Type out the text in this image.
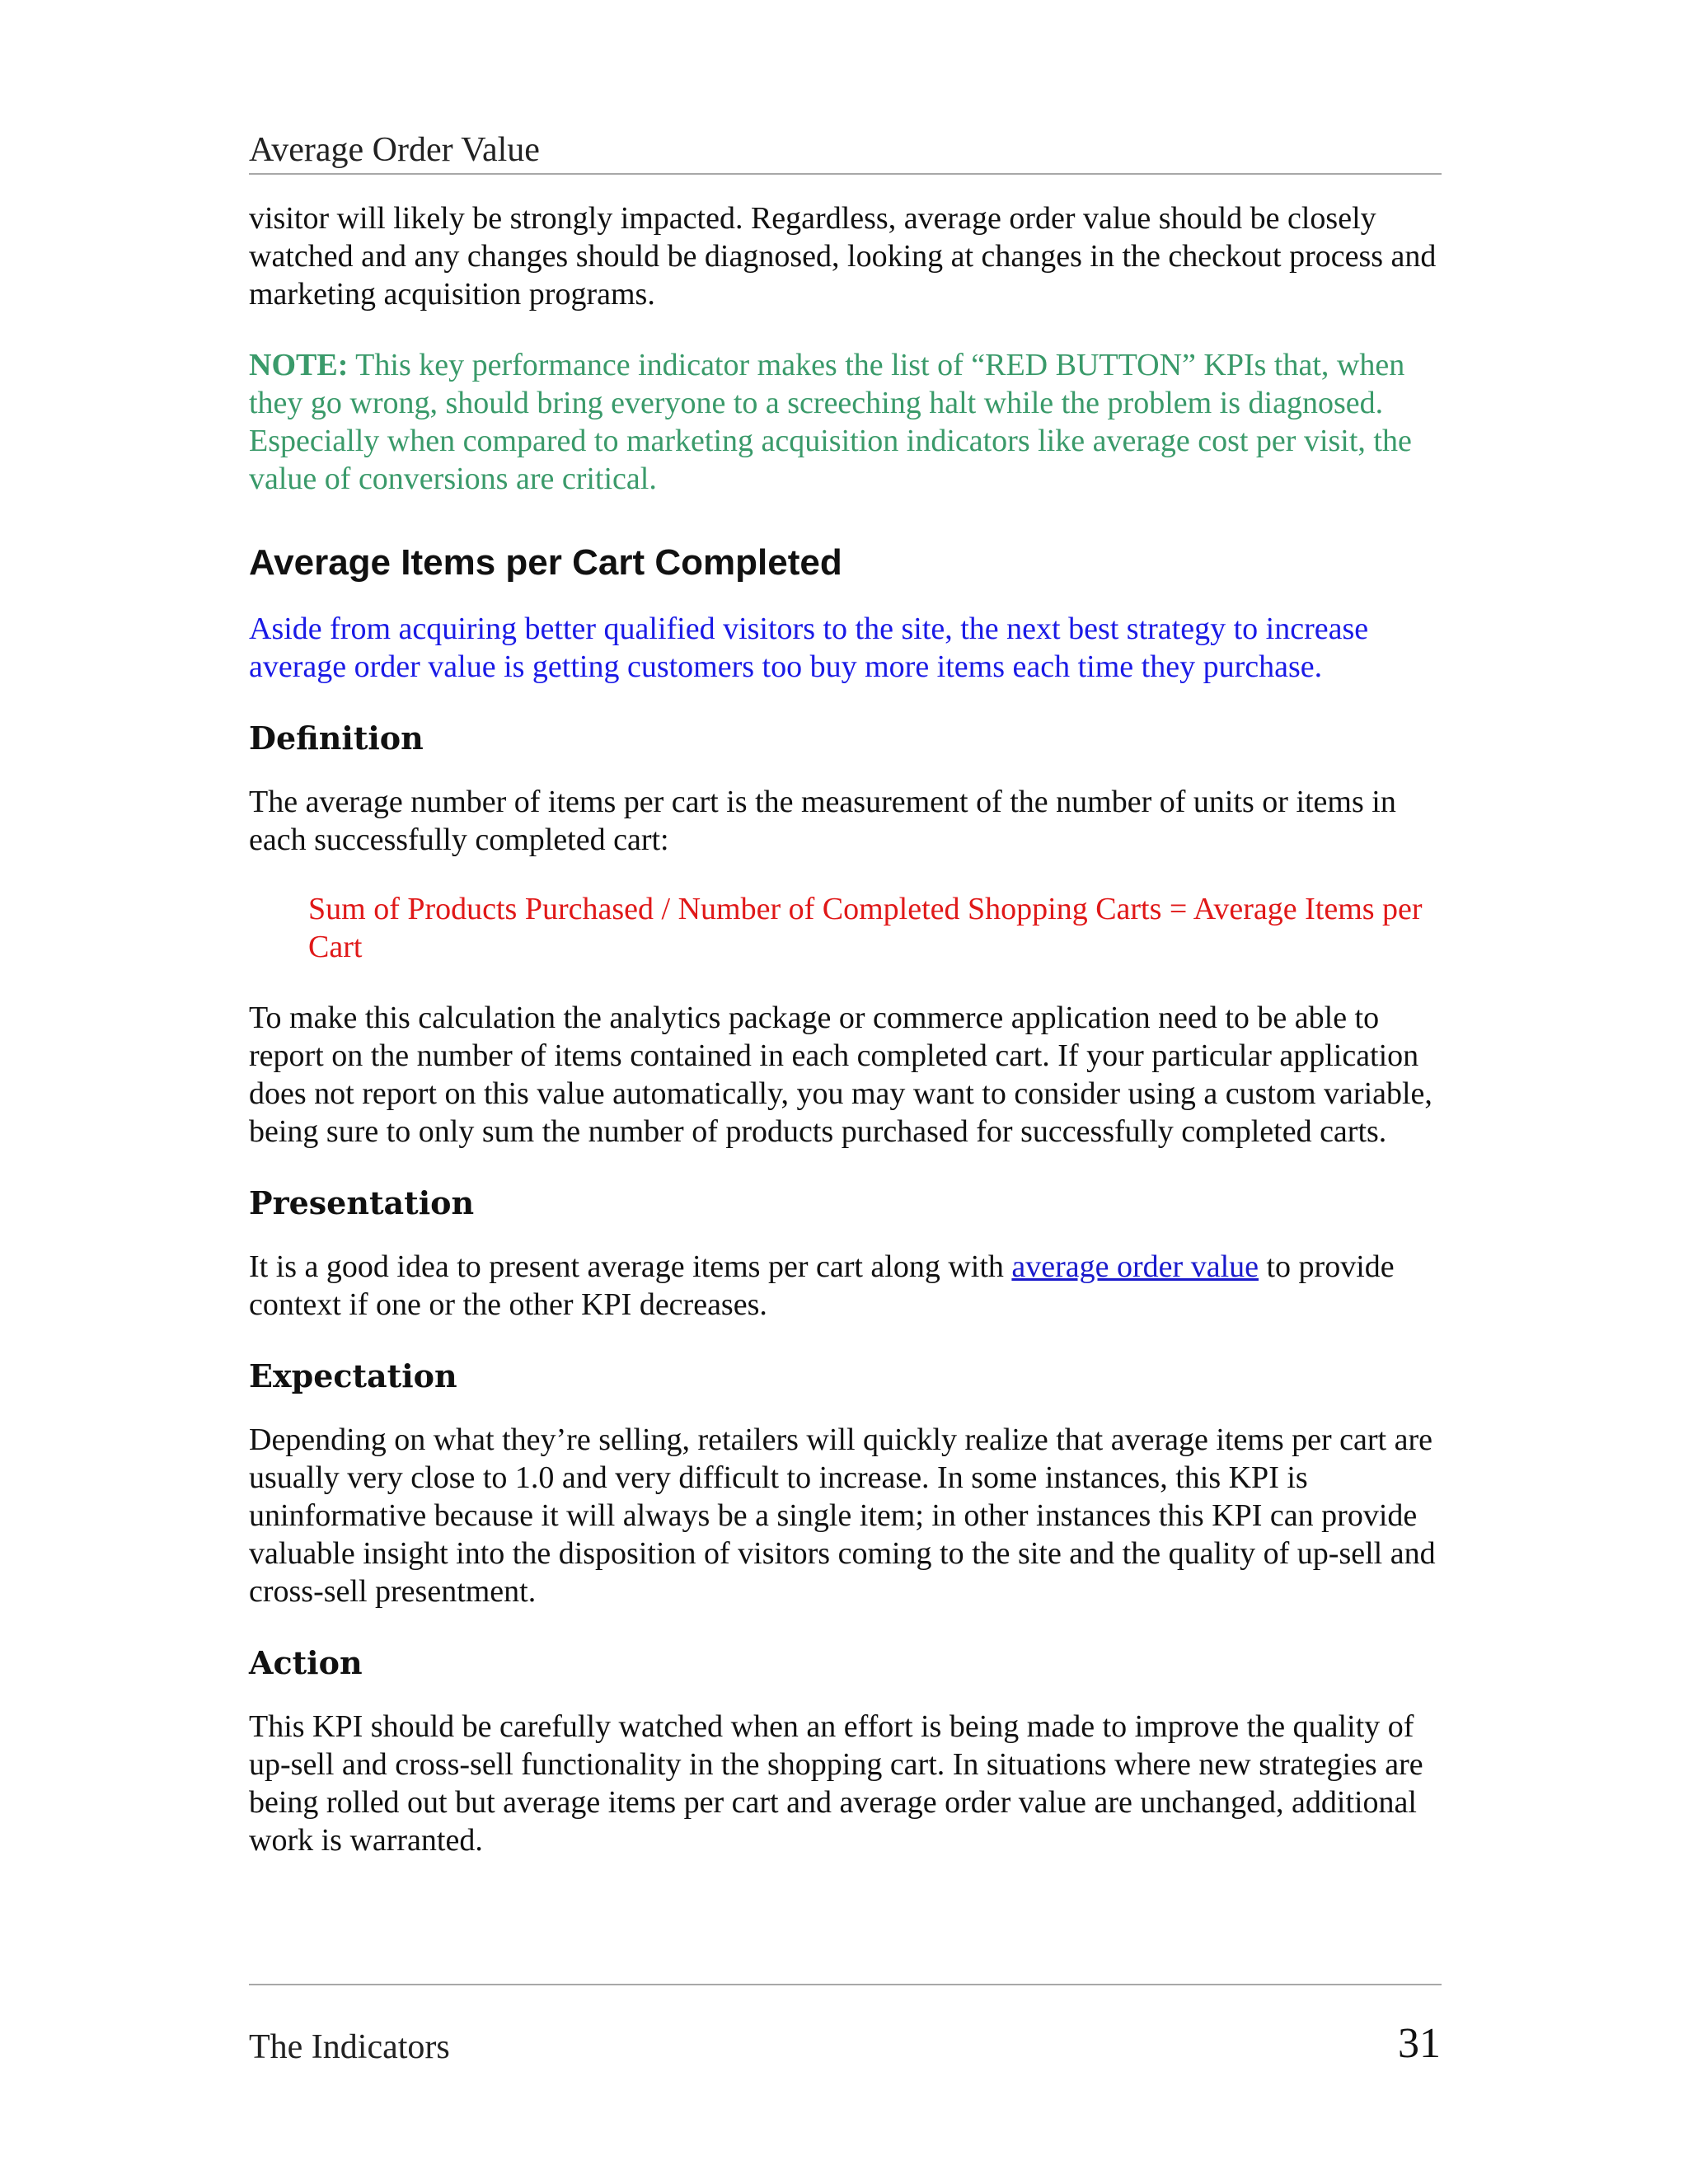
Average Order Value

visitor will likely be strongly impacted. Regardless, average order value should be closely watched and any changes should be diagnosed, looking at changes in the checkout process and marketing acquisition programs.

NOTE: This key performance indicator makes the list of “RED BUTTON” KPIs that, when they go wrong, should bring everyone to a screeching halt while the problem is diagnosed. Especially when compared to marketing acquisition indicators like average cost per visit, the value of conversions are critical.

Average Items per Cart Completed

Aside from acquiring better qualified visitors to the site, the next best strategy to increase average order value is getting customers too buy more items each time they purchase.

Definition

The average number of items per cart is the measurement of the number of units or items in each successfully completed cart:

Sum of Products Purchased / Number of Completed Shopping Carts = Average Items per Cart

To make this calculation the analytics package or commerce application need to be able to report on the number of items contained in each completed cart. If your particular application does not report on this value automatically, you may want to consider using a custom variable, being sure to only sum the number of products purchased for successfully completed carts.

Presentation

It is a good idea to present average items per cart along with average order value to provide context if one or the other KPI decreases.

Expectation

Depending on what they’re selling, retailers will quickly realize that average items per cart are usually very close to 1.0 and very difficult to increase. In some instances, this KPI is uninformative because it will always be a single item; in other instances this KPI can provide valuable insight into the disposition of visitors coming to the site and the quality of up-sell and cross-sell presentment.

Action

This KPI should be carefully watched when an effort is being made to improve the quality of up-sell and cross-sell functionality in the shopping cart. In situations where new strategies are being rolled out but average items per cart and average order value are unchanged, additional work is warranted.

The Indicators	31
